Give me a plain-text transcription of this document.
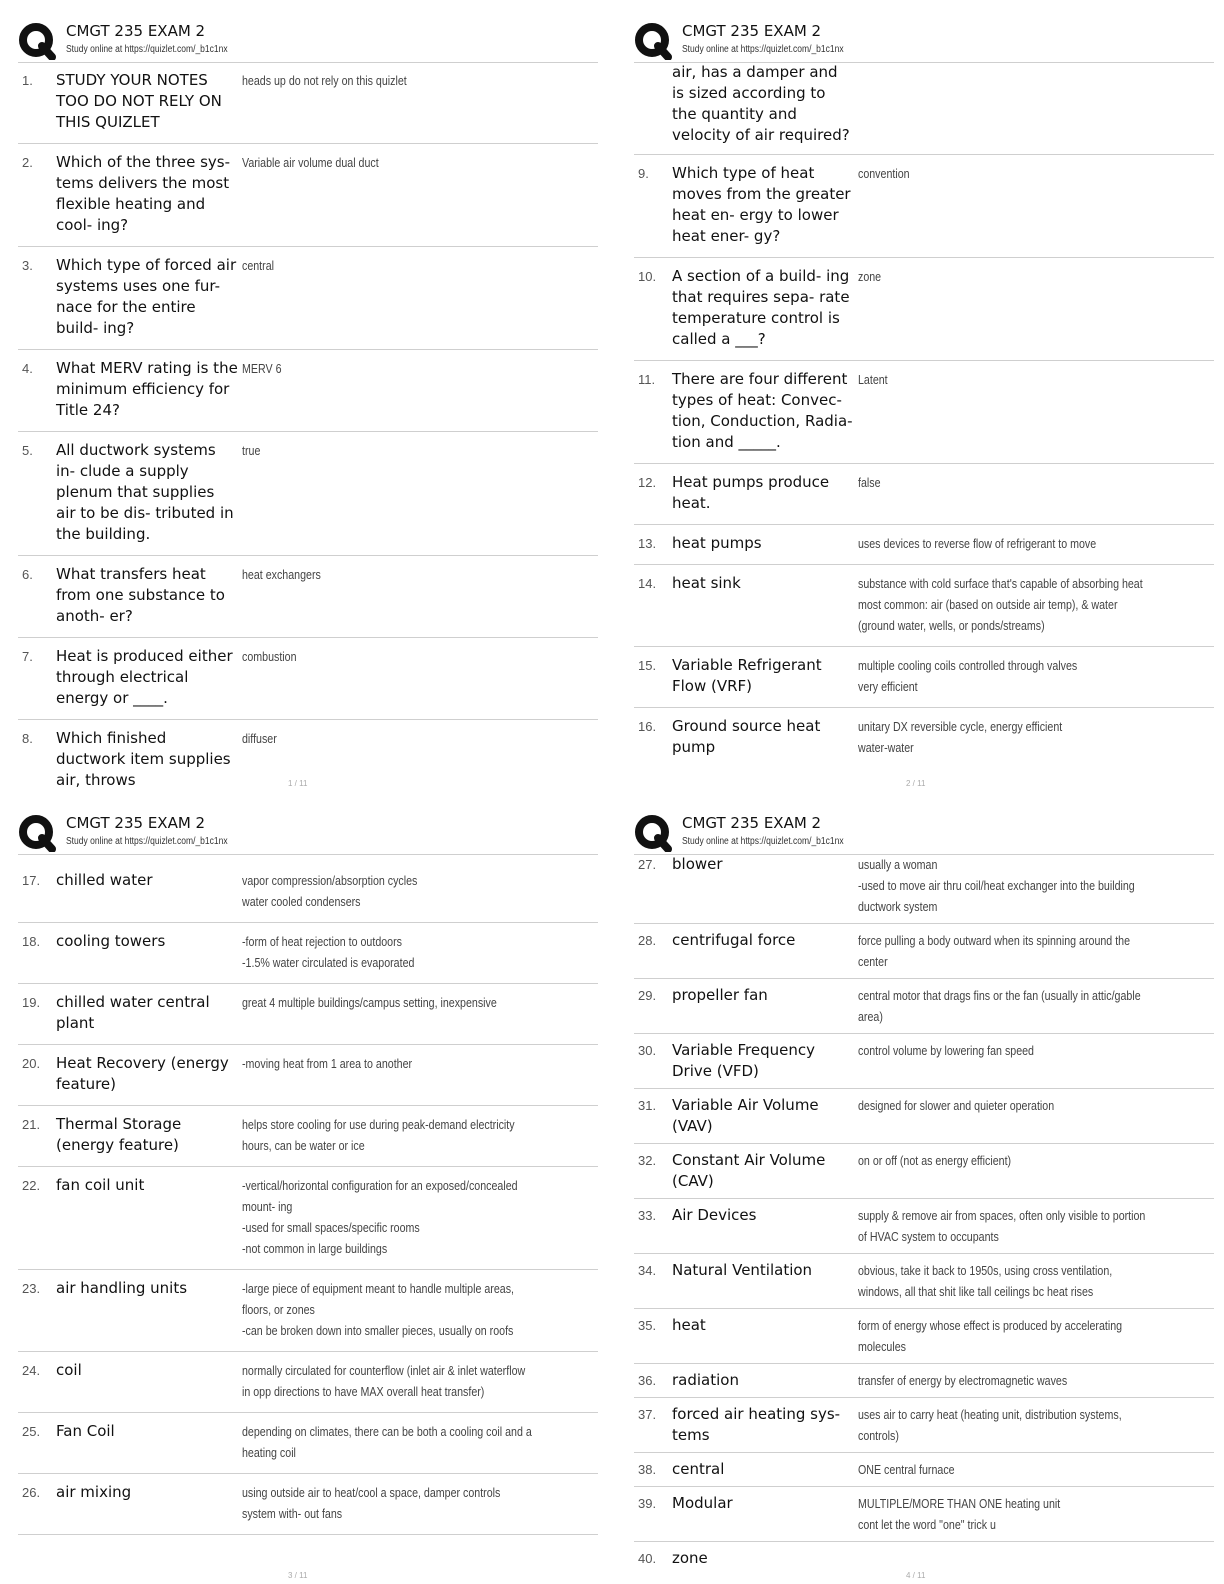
CMGT 235 EXAM 2
Study online at https://quizlet.com/_b1c1nx
1.	STUDY YOUR NOTES TOO DO NOT RELY ON THIS QUIZLET
heads up do not rely on this quizlet
2.	Which of the three sys- tems delivers the most flexible heating and cool- ing?
Variable air volume dual duct
3.	Which type of forced air systems uses one fur- nace for the entire build- ing?
central
4.	What MERV rating is the minimum efficiency for Title 24?
MERV 6
5.	All ductwork systems in- clude a supply plenum that supplies air to be dis- tributed in the building.
true
6.	What transfers heat from one substance to anoth- er?
heat exchangers
7.	Heat is produced either through electrical energy or ____.
combustion
8.	Which finished ductwork item supplies air, throws
diffuser
1 / 11
CMGT 235 EXAM 2
Study online at https://quizlet.com/_b1c1nx
air, has a damper and is sized according to the quantity and velocity of air required?
9.	Which type of heat moves from the greater heat en- ergy to lower heat ener- gy?
convention
10.	A section of a build- ing that requires sepa- rate temperature control is called a ___?
zone
11.	There are four different types of heat: Convec- tion, Conduction, Radia- tion and _____.
Latent
12.	Heat pumps produce heat.
false
13.	heat pumps	uses devices to reverse flow of refrigerant to move
14.	heat sink	substance with cold surface that's capable of absorbing heat
most common: air (based on outside air temp), & water (ground water, wells, or ponds/streams)
15.	Variable Refrigerant Flow (VRF)
multiple cooling coils controlled through valves
very efficient
16.	Ground source heat pump
unitary DX reversible cycle, energy efficient
water-water
2 / 11
CMGT 235 EXAM 2
Study online at https://quizlet.com/_b1c1nx
17.	chilled water	vapor compression/absorption cycles
water cooled condensers
18.	cooling towers	-form of heat rejection to outdoors
-1.5% water circulated is evaporated
19.	chilled water central plant
great 4 multiple buildings/campus setting, inexpensive
20.	Heat Recovery (energy feature)
-moving heat from 1 area to another
21.	Thermal Storage (energy feature)
helps store cooling for use during peak-demand electricity hours, can be water or ice
22.	fan coil unit	-vertical/horizontal configuration for an exposed/concealed mount- ing
-used for small spaces/specific rooms
-not common in large buildings
23.	air handling units	-large piece of equipment meant to handle multiple areas, floors, or zones
-can be broken down into smaller pieces, usually on roofs
24.	coil	normally circulated for counterflow (inlet air & inlet waterflow in opp directions to have MAX overall heat transfer)
25.	Fan Coil	depending on climates, there can be both a cooling coil and a heating coil
26.	air mixing	using outside air to heat/cool a space, damper controls system with- out fans
3 / 11
CMGT 235 EXAM 2
Study online at https://quizlet.com/_b1c1nx
27.	blower	usually a woman
-used to move air thru coil/heat exchanger into the building ductwork system
28.	centrifugal force	force pulling a body outward when its spinning around the center
29.	propeller fan	central motor that drags fins or the fan (usually in attic/gable area)
30.	Variable Frequency Drive (VFD)
control volume by lowering fan speed
31.	Variable Air Volume (VAV)
designed for slower and quieter operation
32.	Constant Air Volume (CAV)
on or off (not as energy efficient)
33.	Air Devices	supply & remove air from spaces, often only visible to portion of HVAC system to occupants
34.	Natural Ventilation	obvious, take it back to 1950s, using cross ventilation, windows, all that shit like tall ceilings bc heat rises
35.	heat	form of energy whose effect is produced by accelerating molecules
36.	radiation	transfer of energy by electromagnetic waves
37.	forced air heating sys- tems
uses air to carry heat (heating unit, distribution systems, controls)
38.	central	ONE central furnace
39.	Modular	MULTIPLE/MORE THAN ONE heating unit
cont let the word "one" trick u
40.	zone
4 / 11
